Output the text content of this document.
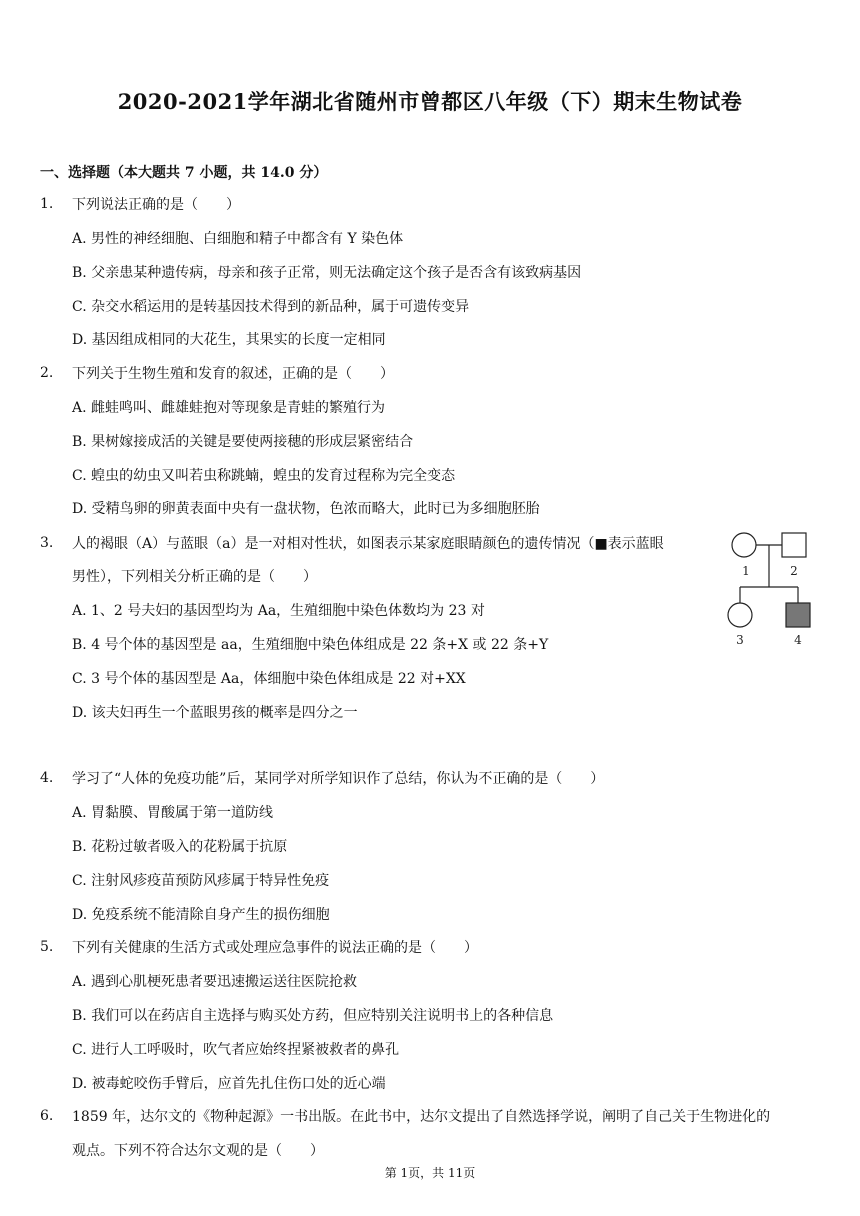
2020-2021学年湖北省随州市曾都区八年级（下）期末生物试卷
一、选择题（本大题共 7 小题，共 14.0 分）
1. 下列说法正确的是（　　）
A. 男性的神经细胞、白细胞和精子中都含有 Y 染色体
B. 父亲患某种遗传病，母亲和孩子正常，则无法确定这个孩子是否含有该致病基因
C. 杂交水稻运用的是转基因技术得到的新品种，属于可遗传变异
D. 基因组成相同的大花生，其果实的长度一定相同
2. 下列关于生物生殖和发育的叙述，正确的是（　　）
A. 雌蛙鸣叫、雌雄蛙抱对等现象是青蛙的繁殖行为
B. 果树嫁接成活的关键是要使两接穗的形成层紧密结合
C. 蝗虫的幼虫又叫若虫称跳蝻，蝗虫的发育过程称为完全变态
D. 受精鸟卵的卵黄表面中央有一盘状物，色浓而略大，此时已为多细胞胚胎
3. 人的褐眼（A）与蓝眼（a）是一对相对性状，如图表示某家庭眼睛颜色的遗传情况（■表示蓝眼
男性），下列相关分析正确的是（　　）
A. 1、2 号夫妇的基因型均为 Aa，生殖细胞中染色体数均为 23 对
B. 4 号个体的基因型是 aa，生殖细胞中染色体组成是 22 条+X 或 22 条+Y
C. 3 号个体的基因型是 Aa，体细胞中染色体组成是 22 对+XX
D. 该夫妇再生一个蓝眼男孩的概率是四分之一
1	2
3	4
4. 学习了“人体的免疫功能”后，某同学对所学知识作了总结，你认为不正确的是（　　）
A. 胃黏膜、胃酸属于第一道防线
B. 花粉过敏者吸入的花粉属于抗原
C. 注射风疹疫苗预防风疹属于特异性免疫
D. 免疫系统不能清除自身产生的损伤细胞
5. 下列有关健康的生活方式或处理应急事件的说法正确的是（　　）
A. 遇到心肌梗死患者要迅速搬运送往医院抢救
B. 我们可以在药店自主选择与购买处方药，但应特别关注说明书上的各种信息
C. 进行人工呼吸时，吹气者应始终捏紧被救者的鼻孔
D. 被毒蛇咬伤手臂后，应首先扎住伤口处的近心端
6. 1859 年，达尔文的《物种起源》一书出版。在此书中，达尔文提出了自然选择学说，阐明了自己关于生物进化的
观点。下列不符合达尔文观的是（　　）
第 1页，共 11页
